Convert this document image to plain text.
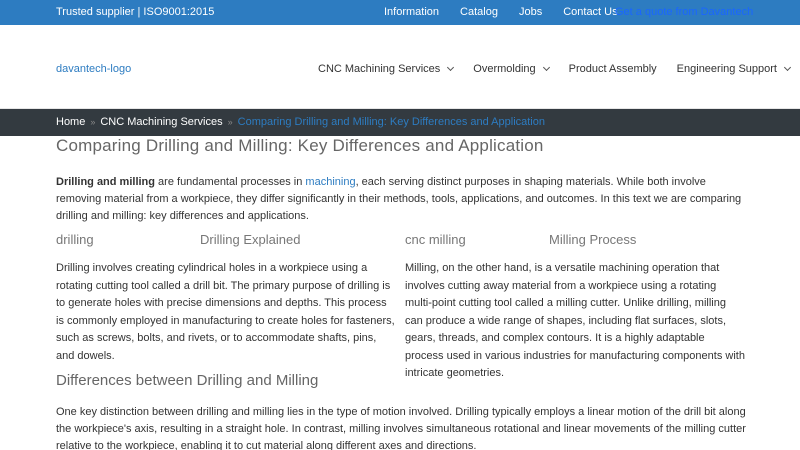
Trusted supplier | ISO9001:2015	Information Catalog Jobs Contact Us
Get a quote from Davantech
davantech-logo	CNC Machining Services	Overmolding	Product Assembly Engineering Support
Home » CNC Machining Services » Comparing Drilling and Milling: Key Differences and Application
Comparing Drilling and Milling: Key Differences and Application

Drilling and milling are fundamental processes in machining, each serving distinct purposes in shaping materials. While both involve removing material from a workpiece, they differ significantly in their methods, tools, applications, and outcomes. In this text we are comparing drilling and milling: key differences and applications.

drilling	Drilling Explained

Drilling involves creating cylindrical holes in a workpiece using a rotating cutting tool called a drill bit. The primary purpose of drilling is to generate holes with precise dimensions and depths. This process is commonly employed in manufacturing to create holes for fasteners, such as screws, bolts, and rivets, or to accommodate shafts, pins, and dowels.

cnc milling	Milling Process

Milling, on the other hand, is a versatile machining operation that involves cutting away material from a workpiece using a rotating multi-point cutting tool called a milling cutter. Unlike drilling, milling can produce a wide range of shapes, including flat surfaces, slots, gears, threads, and complex contours. It is a highly adaptable process used in various industries for manufacturing components with intricate geometries.

Differences between Drilling and Milling

One key distinction between drilling and milling lies in the type of motion involved. Drilling typically employs a linear motion of the drill bit along the workpiece's axis, resulting in a straight hole. In contrast, milling involves simultaneous rotational and linear movements of the milling cutter relative to the workpiece, enabling it to cut material along different axes and directions.
